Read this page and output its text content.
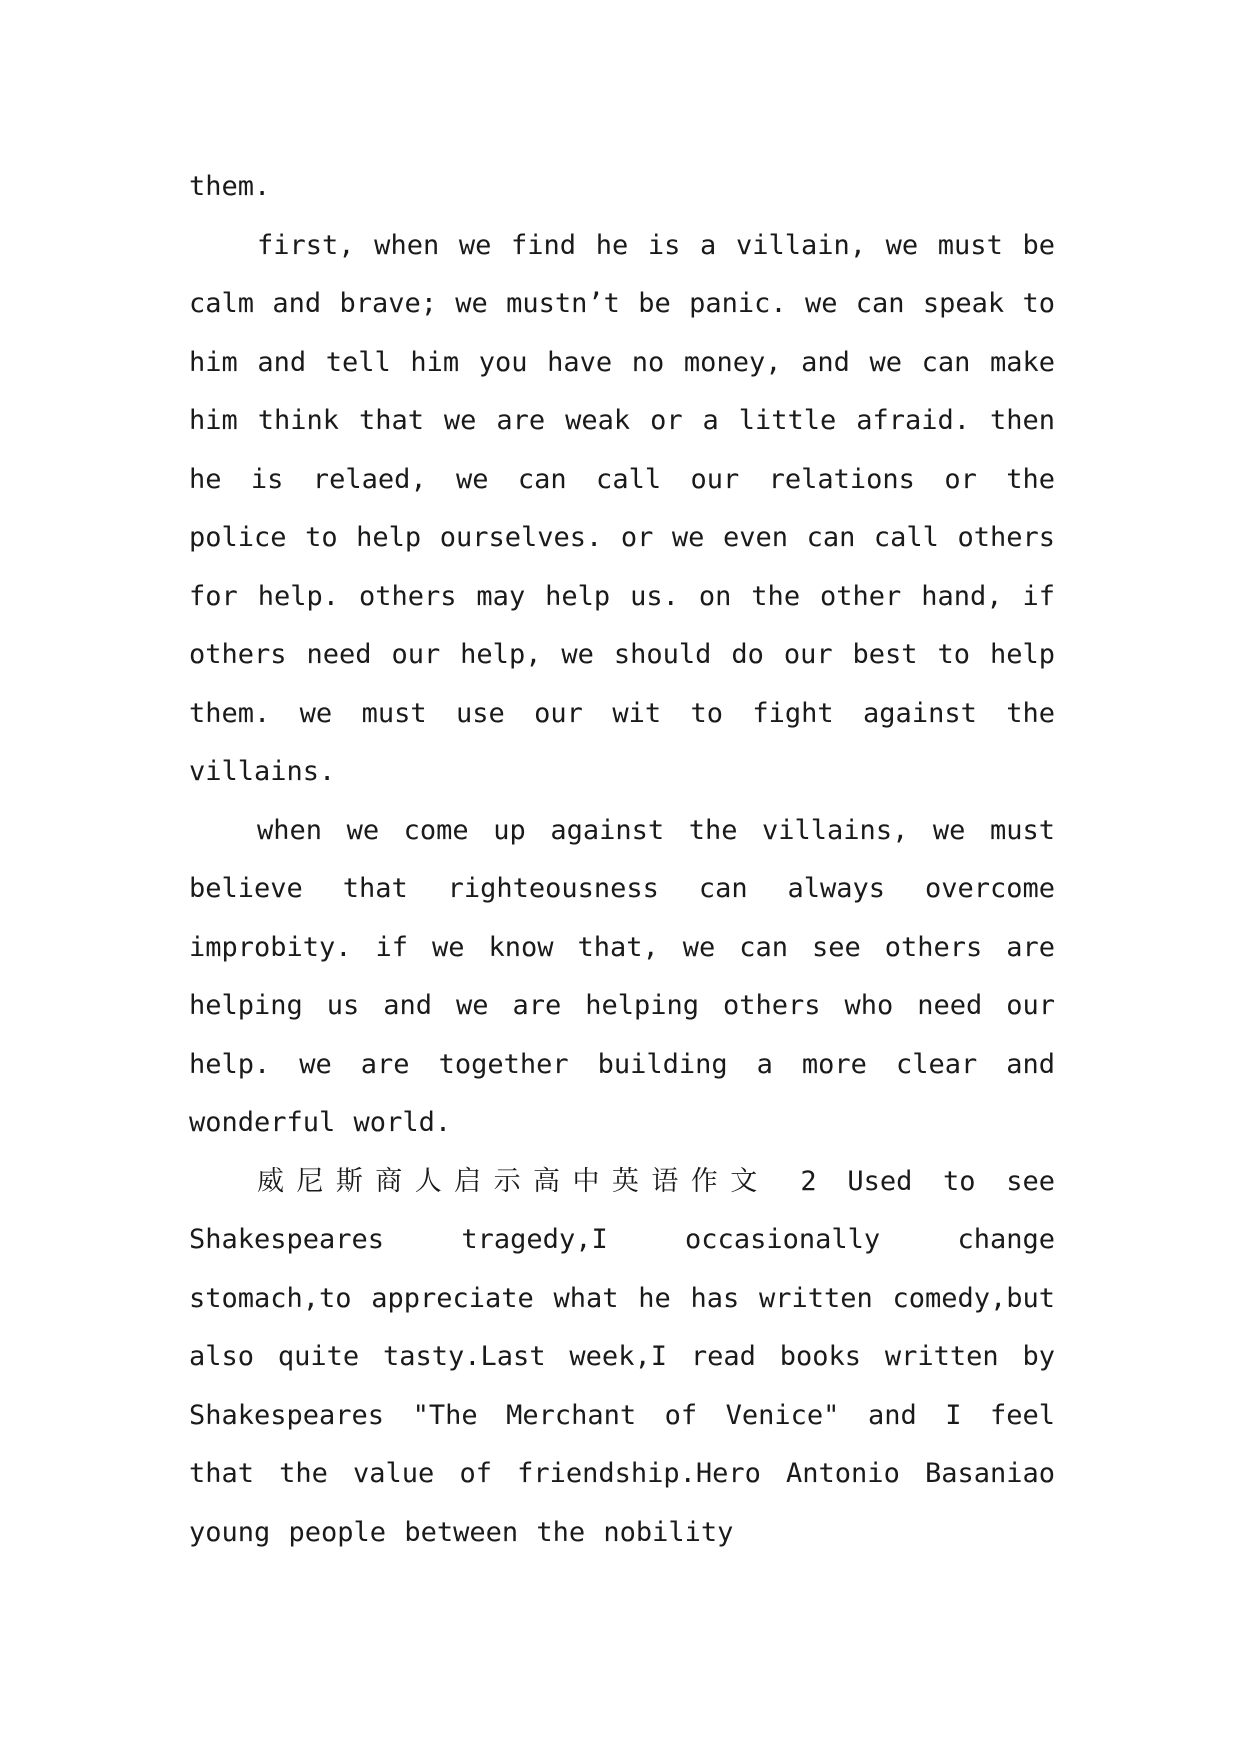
them.

first, when we find he is a villain, we must be calm and brave; we mustn’t be panic. we can speak to him and tell him you have no money, and we can make him think that we are weak or a little afraid. then he is relaed, we can call our relations or the police to help ourselves. or we even can call others for help. others may help us. on the other hand, if others need our help, we should do our best to help them. we must use our wit to fight against the villains.

when we come up against the villains, we must believe that righteousness can always overcome improbity. if we know that, we can see others are helping us and we are helping others who need our help. we are together building a more clear and wonderful world.

威尼斯商人启示高中英语作文 2 Used to see Shakespeares tragedy,I occasionally change stomach,to appreciate what he has written comedy,but also quite tasty.Last week,I read books written by Shakespeares "The Merchant of Venice" and I feel that the value of friendship.Hero Antonio Basaniao young people between the nobility
